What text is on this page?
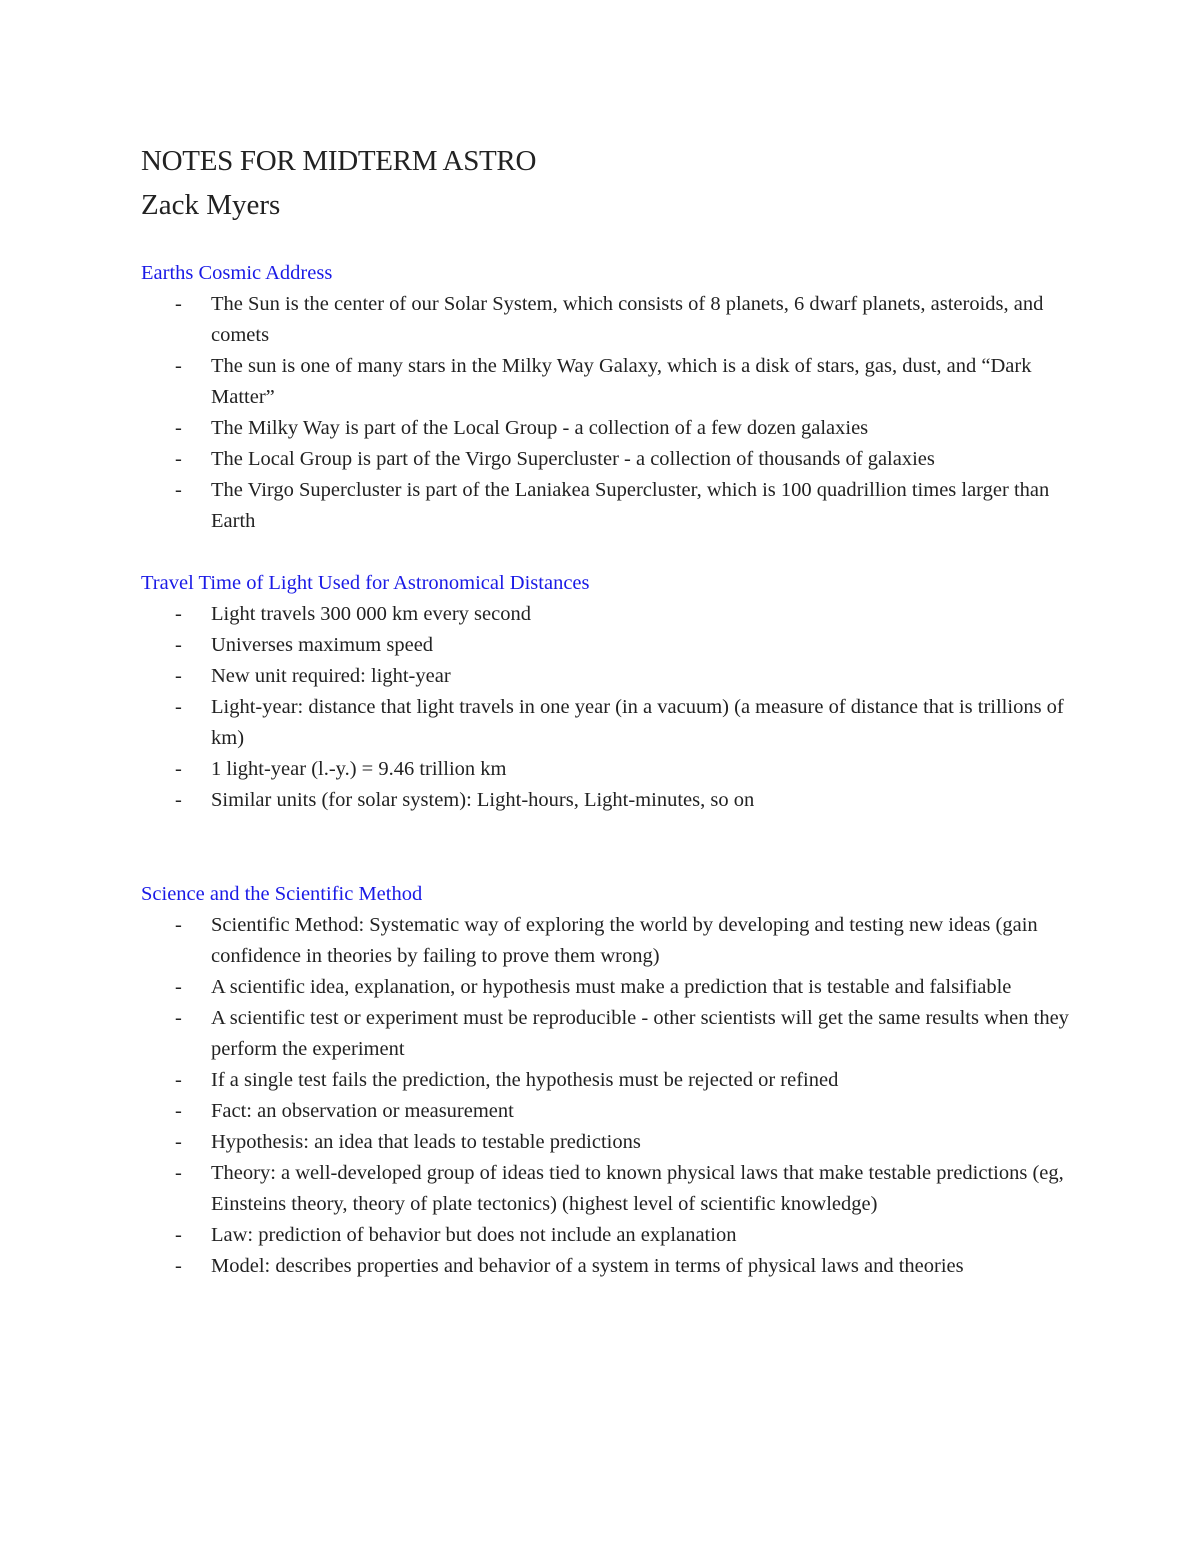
NOTES FOR MIDTERM ASTRO
Zack Myers
Earths Cosmic Address
- The Sun is the center of our Solar System, which consists of 8 planets, 6 dwarf planets, asteroids, and comets
- The sun is one of many stars in the Milky Way Galaxy, which is a disk of stars, gas, dust, and “Dark Matter”
- The Milky Way is part of the Local Group - a collection of a few dozen galaxies
- The Local Group is part of the Virgo Supercluster - a collection of thousands of galaxies
- The Virgo Supercluster is part of the Laniakea Supercluster, which is 100 quadrillion times larger than Earth
Travel Time of Light Used for Astronomical Distances
- Light travels 300 000 km every second
- Universes maximum speed
- New unit required: light-year
- Light-year: distance that light travels in one year (in a vacuum) (a measure of distance that is trillions of km)
- 1 light-year (l.-y.) = 9.46 trillion km
- Similar units (for solar system): Light-hours, Light-minutes, so on
Science and the Scientific Method
- Scientific Method: Systematic way of exploring the world by developing and testing new ideas (gain confidence in theories by failing to prove them wrong)
- A scientific idea, explanation, or hypothesis must make a prediction that is testable and falsifiable
- A scientific test or experiment must be reproducible - other scientists will get the same results when they perform the experiment
- If a single test fails the prediction, the hypothesis must be rejected or refined
- Fact: an observation or measurement
- Hypothesis: an idea that leads to testable predictions
- Theory: a well-developed group of ideas tied to known physical laws that make testable predictions (eg, Einsteins theory, theory of plate tectonics) (highest level of scientific knowledge)
- Law: prediction of behavior but does not include an explanation
- Model: describes properties and behavior of a system in terms of physical laws and theories
